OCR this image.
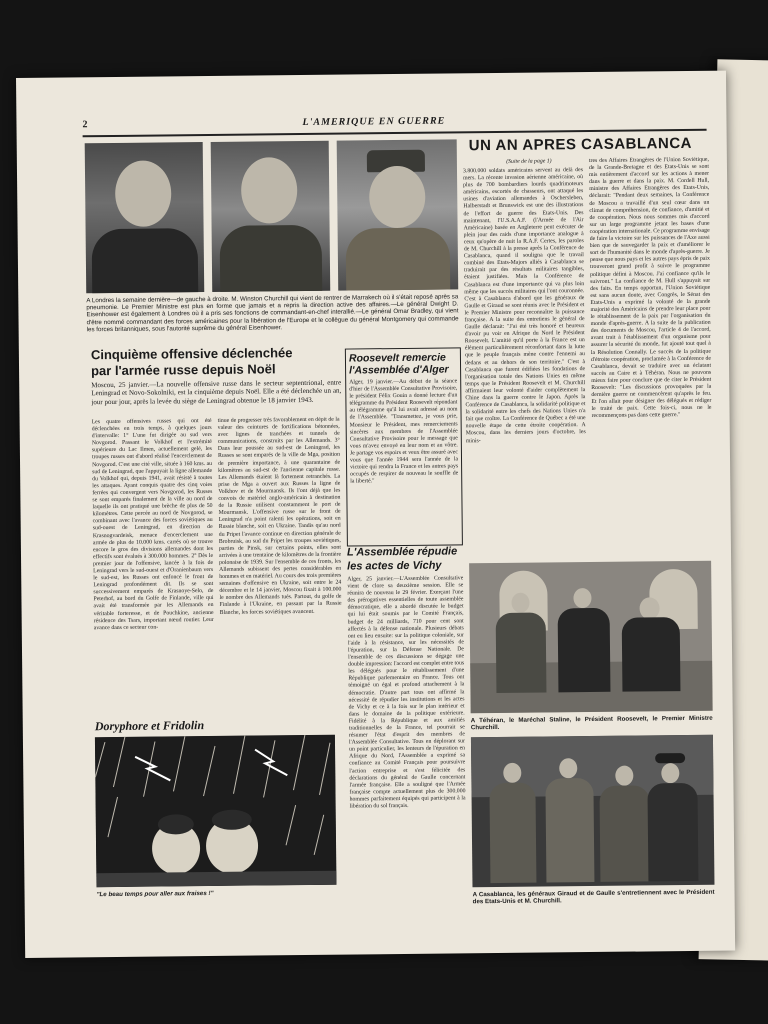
2	L'AMERIQUE EN GUERRE
A Londres la semaine dernière—de gauche à droite. M. Winston Churchill qui vient de rentrer de Marrakech où il s'était reposé après sa pneumonie. Le Premier Ministre est plus en forme que jamais et a repris la direction active des affaires.—Le général Dwight D. Eisenhower est également à Londres où il a pris ses fonctions de commandant-en-chef interallié.—Le général Omar Bradley, qui vient d'être nommé commandant des forces américaines pour la libération de l'Europe et le collègue du général Montgomery qui commande les forces britanniques, sous l'autorité suprême du général Eisenhower.
UN AN APRES CASABLANCA
(Suite de la page 1)
3.800.000 soldats américains servent au delà des mers. La récente invasion aérienne américaine, où plus de 700 bombardiers lourds quadrimoteurs américains, escortés de chasseurs, ont attaqué les usines d'aviation allemandes à Oschersleben, Halberstadt et Brunswick est une des illustrations de l'effort de guerre des Etats-Unis. Des maintenant, l'U.S.A.A.F. (l'Armée de l'Air Américaine) basée en Angleterre peut exécuter de plein jour des raids d'une importance analogue à ceux qu'opère de nuit la R.A.F. Certes, les paroles de M. Churchill à la presse après la Conférence de Casablanca, quand il souligna que le travail combiné des Etats-Majors alliés à Casablanca se traduirait par des résultats militaires tangibles, étaient justifiées. Mais la Conférence de Casablanca est d'une importance qui va plus loin même que les succès militaires qui l'ont couronnée. C'est à Casablanca d'abord que les généraux de Gaulle et Giraud se sont réunis avec le Président et le Premier Ministre pour reconnaître la puissance française. A la suite des entretiens le général de Gaulle déclarait: "J'ai été très honoré et heureux d'avoir pu voir en Afrique du Nord le Président Roosevelt. L'amitié qu'il porte à la France est un élément particulièrement réconfortant dans la lutte que le peuple français mène contre l'ennemi au dedans et au dehors de son territoire." C'est à Casablanca que furent édifiées les fondations de l'organisation totale des Nations Unies en même temps que le Président Roosevelt et M. Churchill affirmaient leur volonté d'aider complètement la Chine dans la guerre contre le Japon. Après la Conférence de Casablanca, la solidarité politique et la solidarité entre les chefs des Nations Unies n'a fait que croître. La Conférence de Québec a été une nouvelle étape de cette étroite coopération. A Moscou, dans les derniers jours d'octobre, les minis-
tres des Affaires Etrangères de l'Union Soviétique, de la Grande-Bretagne et des Etats-Unis se sont mis entièrement d'accord sur les actions à mener dans la guerre et dans la paix. M. Cordell Hull, ministre des Affaires Etrangères des Etats-Unis, déclarait: "Pendant deux semaines, la Conférence de Moscou a travaillé d'un seul cœur dans un climat de compréhension, de confiance, d'amitié et de coopération. Nous nous sommes mis d'accord sur un large programme jetant les bases d'une coopération internationale. Ce programme envisage de faire la victoire sur les puissances de l'Axe aussi bien que de sauvegarder la paix et d'améliorer le sort de l'humanité dans le monde d'après-guerre. Je pense que nous pays et les autres pays épris de paix trouveront grand profit à suivre le programme politique défini à Moscou. J'ai confiance qu'ils le suivront." La confiance de M. Hull s'appuyait sur des faits. En temps opportun, l'Union Soviétique est sans aucun doute, avec Congrès, le Sénat des Etats-Unis a exprimé la volonté de la grande majorité des Américains de prendre leur place pour le rétablissement de la paix par l'organisation du monde d'après-guerre. A la suite de la publication des documents de Moscou, l'article 4 de l'accord, avant trait à l'établissement d'un organisme pour assurer la sécurité du monde, fut ajouté tout quel à la Résolution Connally. Le succès de la politique d'étroite coopération, proclamée à la Conférence de Casablanca, devait se traduire avec un éclatant succès au Caire et à Téhéran. Nous ne pouvons mieux faire pour conclure que de citer le Président Roosevelt: "Les discussions provoquées par la dernière guerre ne commencèrent qu'après le feu. Et l'on allait pour désigner des délégués et rédiger le traité de paix. Cette fois-ci, nous ne le recommençons pas dans cette guerre."
Cinquième offensive déclenchée
par l'armée russe depuis Noël
Moscou, 25 janvier.—La nouvelle offensive russe dans le secteur septentrional, entre Leningrad et Novo-Sokolniki, est la cinquième depuis Noël. Elle a été déclenchée un an, jour pour jour, après la levée du siège de Leningrad obtenue le 18 janvier 1943.
Les quatre offensives russes qui ont été déclenchées en trois temps, à quelques jours d'intervalle: 1° L'une fut dirigée au sud vers Novgorod. Passant le Volkhof et l'extrémité supérieure du Lac Ilmen, actuellement gelé, les troupes russes ont d'abord réalisé l'encerclement de Novgorod. C'est une cité ville, située à 160 kms. au sud de Leningrad, que l'appuyait la ligne allemande du Volkhof qui, depuis 1941, avait résisté à toutes les attaques. Ayant conquis quatre des cinq voies ferrées qui convergent vers Novgorod, les Russes se sont emparés finalement de la ville au nord de laquelle ils ont pratiqué une brèche de plus de 50 kilomètres. Cette percée au nord de Novgorod, se combinant avec l'avance des forces soviétiques au sud-ouest de Leningrad, en direction de Krasnogvardeisk, menace d'encerclement une armée de plus de 10.000 kms. carrés où se trouve encore le gros des divisions allemandes dont les effectifs sont évalués à 300.000 hommes. 2° Dès le premier jour de l'offensive, lancée à la fois de Leningrad vers le sud-ouest et d'Oranienbaum vers le sud-est, les Russes ont enfoncé le front de Leningrad profondément dit. Ils se sont successivement emparés de Krasnoye-Selo, de Peterhof, au bord du Golfe de Finlande, ville qui avait été transformée par les Allemands en véritable forteresse, et de Pouchkine, ancienne résidence des Tsars, important nœud routier. Leur avance dans ce secteur con-
tinue de progresser très favorablement en dépit de la valeur des ceintures de fortifications bétonnées, avec lignes de tranchées et tunnels de communications, construits par les Allemands. 3° Dans leur poussée au sud-est de Leningrad, les Russes se sont emparés de la ville de Mga, position de première importance, à une quarantaine de kilomètres au sud-est de l'ancienne capitale russe. Les Allemands étaient là fortement retranchés. La prise de Mga a ouvert aux Russes la ligne de Volkhov et de Mourmansk. Ils l'ont déjà que les convois de matériel anglo-américain à destination de la Russie utilisent constamment le port de Mourmansk. L'offensive russe sur le front de Leningrad n'a point ralenti les opérations, soit en Russie blanche, soit en Ukraine. Tandis qu'au nord du Pripet l'avance continue en direction générale de Brobruisk, au sud du Pripet les troupes soviétiques, parties de Pinsk, sur certains points, elles sont arrivées à une trentaine de kilomètres de la frontière polonaise de 1939. Sur l'ensemble de ces fronts, les Allemands subissent des pertes considérables en hommes et en matériel. Au cours des trois premières semaines d'offensive en Ukraine, soit entre le 24 décembre et le 14 janvier, Moscou fixait à 100.000 le nombre des Allemands tués. Partout, du golfe de Finlande à l'Ukraine, en passant par la Russie Blanche, les forces soviétiques avancent.
Roosevelt remercie
l'Assemblée d'Alger
Alger, 19 janvier.—Au début de la séance d'hier de l'Assemblée Consultative Provisoire, le président Félix Gouin a donné lecture d'un télégramme du Président Roosevelt répondant au télégramme qu'il lui avait adressé au nom de l'Assemblée. "Transmettez, je vous prie, Monsieur le Président, mes remerciements sincères aux membres de l'Assemblée Consultative Provisoire pour le message que vous m'avez envoyé en leur nom et au vôtre. Je partage vos espoirs et veux être assuré avec vous que l'année 1944 sera l'année de la victoire qui rendra la France et les autres pays occupés de respirer de nouveau le souffle de la liberté."
L'Assemblée répudie
les actes de Vichy
Alger, 25 janvier.—L'Assemblée Consultative vient de clore sa deuxième session. Elle se réunira de nouveau le 29 février. Exerçant l'une des prérogatives essentielles de toute assemblée démocratique, elle a abordé discutée le budget qui lui était soumis par le Comité Français, budget de 24 milliards, 710 pour cent sont affectés à la défense nationale. Plusieurs débats ont eu lieu ensuite: sur la politique coloniale, sur l'aide à la résistance, sur les nécessités de l'épuration, sur la Défense Nationale. De l'ensemble de ces discussions se dégage une double impression: l'accord est complet entre tous les délégués pour le rétablissement d'une République parlementaire en France. Tous ont témoigné un égal et profond attachement à la démocratie. D'autre part tous ont affirmé la nécessité de répudier les institutions et les actes de Vichy et ce à la fois sur le plan intérieur et dans le domaine de la politique extérieure. Fidélité à la République et aux amitiés traditionnelles de la France, tel pourrait se résumer l'état d'esprit des membres de l'Assemblée Consultative. Tous en déplorant sur un point particulier, les lenteurs de l'épuration en Afrique du Nord, l'Assemblée a exprimé sa confiance au Comité Français pour poursuivre l'action entreprise et s'est félicitée des déclarations du général de Gaulle concernant l'armée française. Elle a souligné que l'Armée française compte actuellement plus de 300.000 hommes parfaitement équipés qui participent à la libération du sol français.
A Téhéran, le Maréchal Staline, le Président Roosevelt, le Premier Ministre Churchill.
A Casablanca, les généraux Giraud et de Gaulle s'entretiennent avec le Président des Etats-Unis et M. Churchill.
Doryphore et Fridolin
"Le beau temps pour aller aux fraises !"
